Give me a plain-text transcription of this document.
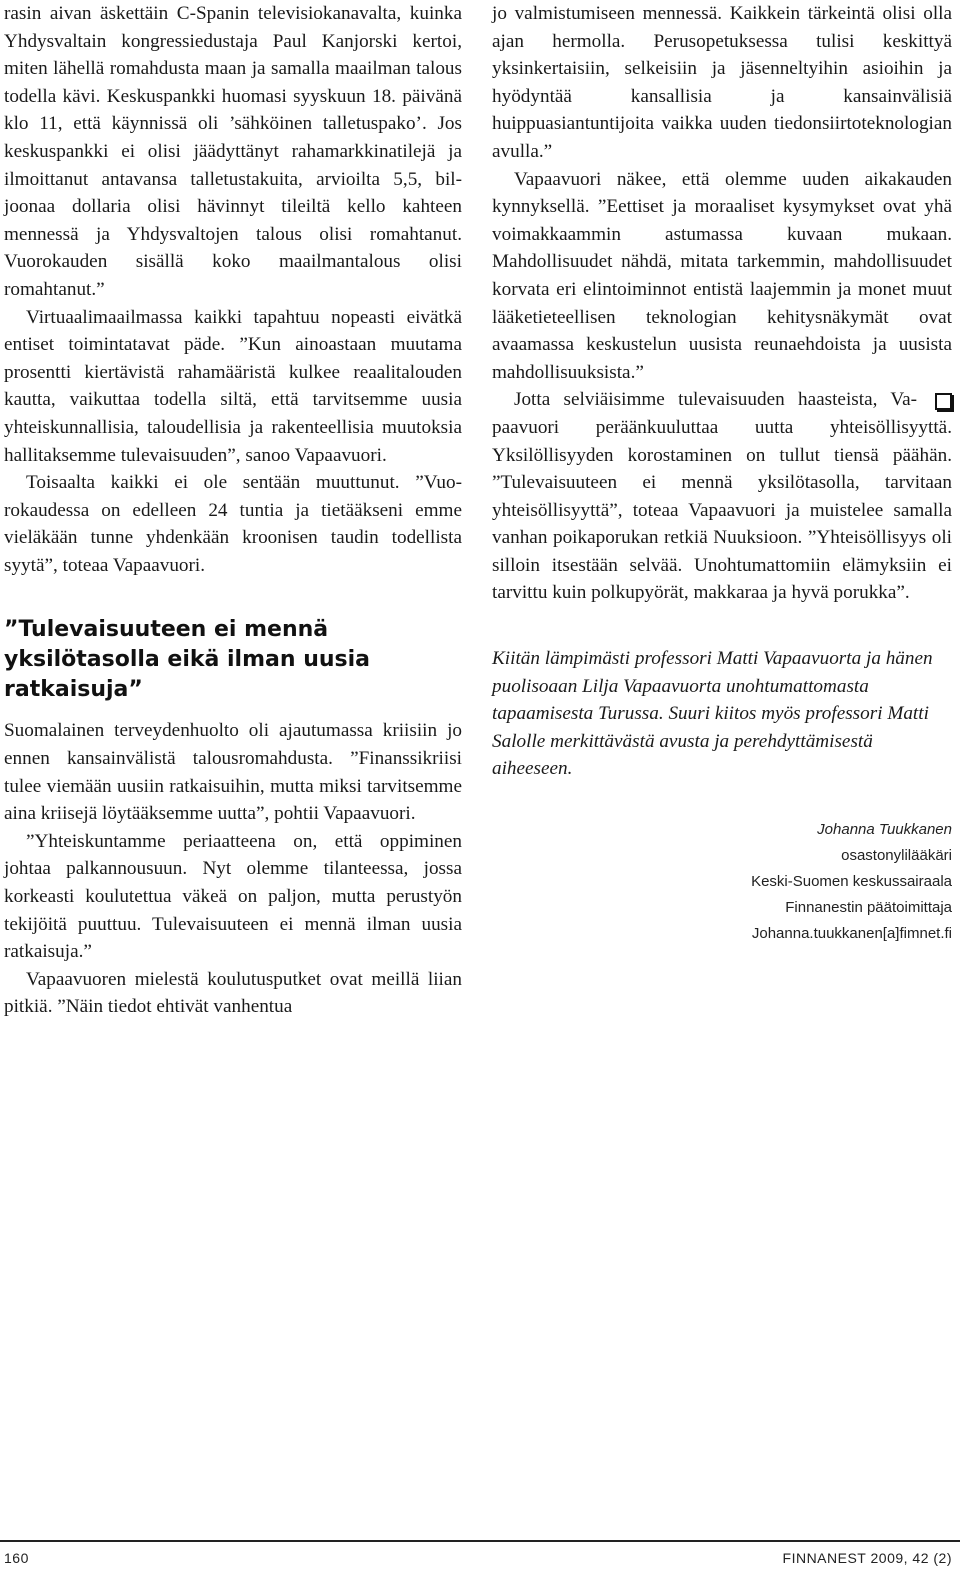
rasin aivan äskettäin C-Spanin televisiokanavalta, kuinka Yhdysvaltain kongressiedustaja Paul Kanjorski kertoi, miten lähellä romahdusta maan ja samalla maailman talous todella kävi. Keskuspankki huomasi syyskuun 18. päivänä klo 11, että käynnissä oli ’sähköinen talletuspako’. Jos keskuspankki ei olisi jäädyttänyt rahamarkkinatilejä ja ilmoittanut antavansa talletustakuita, arvioilta 5,5, biljoonaa dollaria olisi hävinnyt tileiltä kello kahteen mennessä ja Yhdysvaltojen talous olisi romahtanut. Vuorokauden sisällä koko maailmantalous olisi romahtanut.”

Virtuaalimaailmassa kaikki tapahtuu nopeasti eivätkä entiset toimintatavat päde. ”Kun ainoastaan muutama prosentti kiertävistä rahamääristä kulkee reaalitalouden kautta, vaikuttaa todella siltä, että tarvitsemme uusia yhteiskunnallisia, taloudellisia ja rakenteellisia muutoksia hallitaksemme tulevaisuuden”, sanoo Vapaavuori.

Toisaalta kaikki ei ole sentään muuttunut. ”Vuorokaudessa on edelleen 24 tuntia ja tietääkseni emme vieläkään tunne yhdenkään kroonisen taudin todellista syytä”, toteaa Vapaavuori.

”Tulevaisuuteen ei mennä yksilötasolla eikä ilman uusia ratkaisuja”

Suomalainen terveydenhuolto oli ajautumassa kriisiin jo ennen kansainvälistä talousromahdusta. ”Finanssikriisi tulee viemään uusiin ratkaisuihin, mutta miksi tarvitsemme aina kriisejä löytääksemme uutta”, pohtii Vapaavuori.

”Yhteiskuntamme periaatteena on, että oppiminen johtaa palkannousuun. Nyt olemme tilanteessa, jossa korkeasti koulutettua väkeä on paljon, mutta perustyön tekijöitä puuttuu. Tulevaisuuteen ei mennä ilman uusia ratkaisuja.”

Vapaavuoren mielestä koulutusputket ovat meillä liian pitkiä. ”Näin tiedot ehtivät vanhentua

jo valmistumiseen mennessä. Kaikkein tärkeintä olisi olla ajan hermolla. Perusopetuksessa tulisi keskittyä yksinkertaisiin, selkeisiin ja jäsenneltyihin asioihin ja hyödyntää kansallisia ja kansainvälisiä huippuasiantuntijoita vaikka uuden tiedonsiirtoteknologian avulla.”

Vapaavuori näkee, että olemme uuden aikakauden kynnyksellä. ”Eettiset ja moraaliset kysymykset ovat yhä voimakkaammin astumassa kuvaan mukaan. Mahdollisuudet nähdä, mitata tarkemmin, mahdollisuudet korvata eri elintoiminnot entistä laajemmin ja monet muut lääketieteellisen teknologian kehitysnäkymät ovat avaamassa keskustelun uusista reunaehdoista ja uusista mahdollisuuksista.”

Jotta selviäisimme tulevaisuuden haasteista, Vapaavuori peräänkuuluttaa uutta yhteisöllisyyttä. Yksilöllisyyden korostaminen on tullut tiensä päähän. ”Tulevaisuuteen ei mennä yksilötasolla, tarvitaan yhteisöllisyyttä”, toteaa Vapaavuori ja muistelee samalla vanhan poikaporukan retkiä Nuuksioon. ”Yhteisöllisyys oli silloin itsestään selvää. Unohtumattomiin elämyksiin ei tarvittu kuin polkupyörät, makkaraa ja hyvä porukka”.

Kiitän lämpimästi professori Matti Vapaavuorta ja hänen puolisoaan Lilja Vapaavuorta unohtumattomasta tapaamisesta Turussa. Suuri kiitos myös professori Matti Salolle merkittävästä avusta ja perehdyttämisestä aiheeseen.

Johanna Tuukkanen
osastonylilääkäri
Keski-Suomen keskussairaala
Finnanestin päätoimittaja
Johanna.tuukkanen[a]fimnet.fi
160	FINNANEST 2009, 42 (2)
